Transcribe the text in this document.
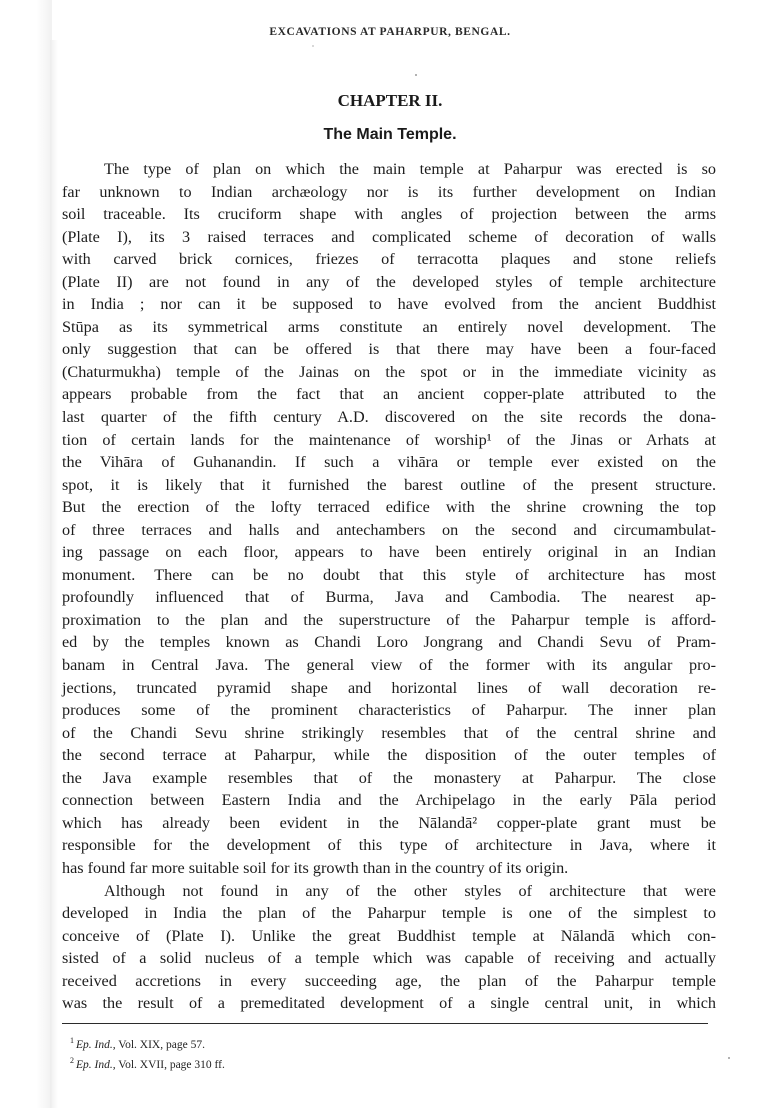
EXCAVATIONS AT PAHARPUR, BENGAL.
CHAPTER II.
The Main Temple.
The type of plan on which the main temple at Paharpur was erected is so
far unknown to Indian archæology nor is its further development on Indian
soil traceable. Its cruciform shape with angles of projection between the arms
(Plate I), its 3 raised terraces and complicated scheme of decoration of walls
with carved brick cornices, friezes of terracotta plaques and stone reliefs
(Plate II) are not found in any of the developed styles of temple architecture
in India ; nor can it be supposed to have evolved from the ancient Buddhist
Stūpa as its symmetrical arms constitute an entirely novel development. The
only suggestion that can be offered is that there may have been a four-faced
(Chaturmukha) temple of the Jainas on the spot or in the immediate vicinity as
appears probable from the fact that an ancient copper-plate attributed to the
last quarter of the fifth century A.D. discovered on the site records the dona-
tion of certain lands for the maintenance of worship¹ of the Jinas or Arhats at
the Vihāra of Guhanandin. If such a vihāra or temple ever existed on the
spot, it is likely that it furnished the barest outline of the present structure.
But the erection of the lofty terraced edifice with the shrine crowning the top
of three terraces and halls and antechambers on the second and circumambulat-
ing passage on each floor, appears to have been entirely original in an Indian
monument. There can be no doubt that this style of architecture has most
profoundly influenced that of Burma, Java and Cambodia. The nearest ap-
proximation to the plan and the superstructure of the Paharpur temple is afford-
ed by the temples known as Chandi Loro Jongrang and Chandi Sevu of Pram-
banam in Central Java. The general view of the former with its angular pro-
jections, truncated pyramid shape and horizontal lines of wall decoration re-
produces some of the prominent characteristics of Paharpur. The inner plan
of the Chandi Sevu shrine strikingly resembles that of the central shrine and
the second terrace at Paharpur, while the disposition of the outer temples of
the Java example resembles that of the monastery at Paharpur. The close
connection between Eastern India and the Archipelago in the early Pāla period
which has already been evident in the Nālandā² copper-plate grant must be
responsible for the development of this type of architecture in Java, where it
has found far more suitable soil for its growth than in the country of its origin.
Although not found in any of the other styles of architecture that were
developed in India the plan of the Paharpur temple is one of the simplest to
conceive of (Plate I). Unlike the great Buddhist temple at Nālandā which con-
sisted of a solid nucleus of a temple which was capable of receiving and actually
received accretions in every succeeding age, the plan of the Paharpur temple
was the result of a premeditated development of a single central unit, in which
$^1$ Ep. Ind., Vol. XIX, page 57.
$^2$ Ep. Ind., Vol. XVII, page 310 ff.
